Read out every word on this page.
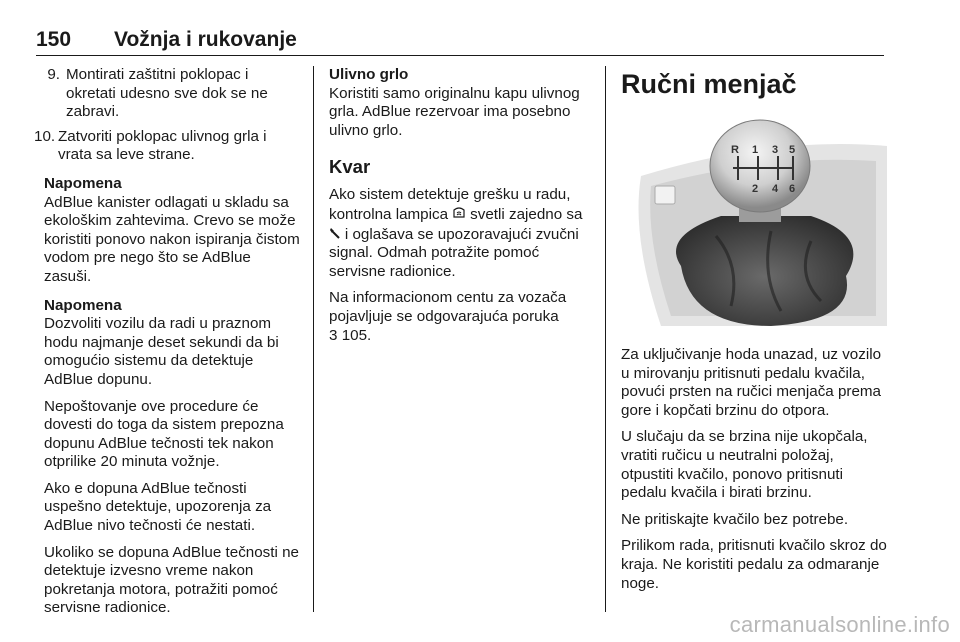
150 Vožnja i rukovanje
9. Montirati zaštitni poklopac i okretati udesno sve dok se ne zabravi.
10. Zatvoriti poklopac ulivnog grla i vrata sa leve strane.
Napomena

AdBlue kanister odlagati u skladu sa ekološkim zahtevima. Crevo se može koristiti ponovo nakon ispiranja čistom vodom pre nego što se AdBlue zasuši.

Napomena

Dozvoliti vozilu da radi u praznom hodu najmanje deset sekundi da bi omogućio sistemu da detektuje AdBlue dopunu.

Nepoštovanje ove procedure će dovesti do toga da sistem prepozna dopunu AdBlue tečnosti tek nakon otprilike 20 minuta vožnje.

Ako e dopuna AdBlue tečnosti uspešno detektuje, upozorenja za AdBlue nivo tečnosti će nestati.

Ukoliko se dopuna AdBlue tečnosti ne detektuje izvesno vreme nakon pokretanja motora, potražiti pomoć servisne radionice.

Ulivno grlo

Koristiti samo originalnu kapu ulivnog grla. AdBlue rezervoar ima posebno ulivno grlo.

Kvar

Ako sistem detektuje grešku u radu, kontrolna lampica svetli zajedno sa  i oglašava se upozoravajući zvučni signal. Odmah potražite pomoć servisne radionice.

Na informacionom centu za vozača pojavljuje se odgovarajuća poruka
3 105.

Ručni menjač
R 1 3 5
2 4 6

Za uključivanje hoda unazad, uz vozilo u mirovanju pritisnuti pedalu kvačila, povući prsten na ručici menjača prema gore i kopčati brzinu do otpora.

U slučaju da se brzina nije ukopčala, vratiti ručicu u neutralni položaj, otpustiti kvačilo, ponovo pritisnuti pedalu kvačila i birati brzinu.

Ne pritiskajte kvačilo bez potrebe.

Prilikom rada, pritisnuti kvačilo skroz do kraja. Ne koristiti pedalu za odmaranje noge.

carmanualsonline.info
